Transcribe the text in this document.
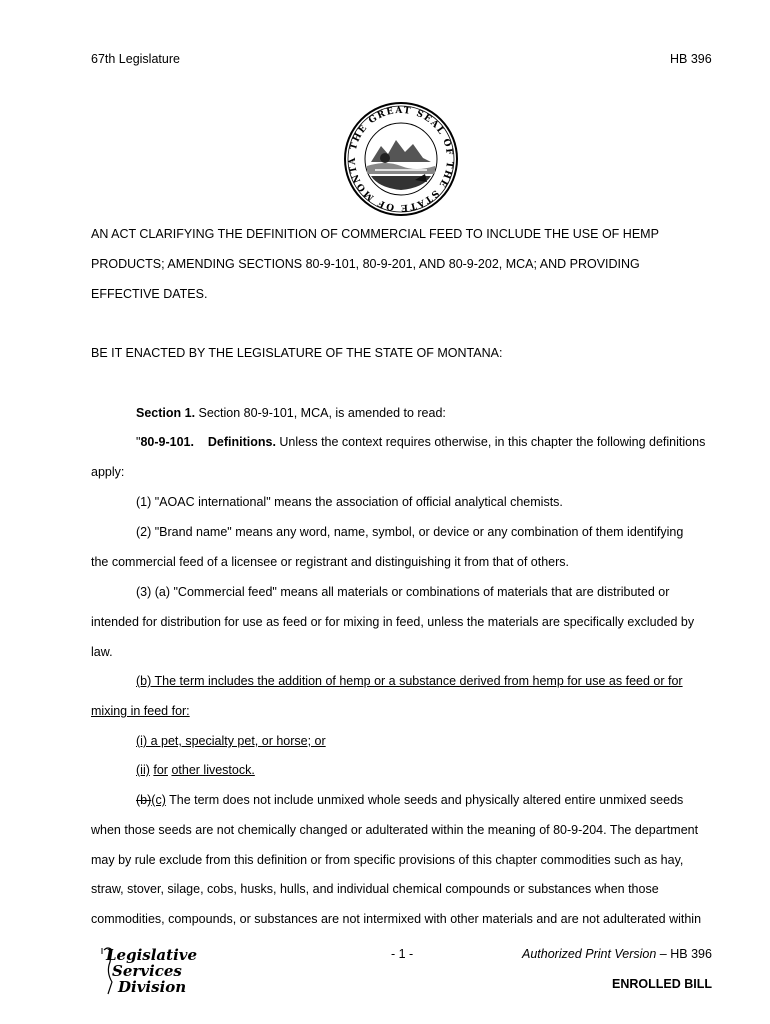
67th Legislature	HB 396
THE GREAT SEAL OF THE STATE OF MONTA
AN ACT CLARIFYING THE DEFINITION OF COMMERCIAL FEED TO INCLUDE THE USE OF HEMP
PRODUCTS; AMENDING SECTIONS 80-9-101, 80-9-201, AND 80-9-202, MCA; AND PROVIDING
EFFECTIVE DATES.
BE IT ENACTED BY THE LEGISLATURE OF THE STATE OF MONTANA:
Section 1. Section 80-9-101, MCA, is amended to read:
"80-9-101. Definitions. Unless the context requires otherwise, in this chapter the following definitions
apply:
(1) "AOAC international" means the association of official analytical chemists.
(2) "Brand name" means any word, name, symbol, or device or any combination of them identifying
the commercial feed of a licensee or registrant and distinguishing it from that of others.
(3) (a) "Commercial feed" means all materials or combinations of materials that are distributed or
intended for distribution for use as feed or for mixing in feed, unless the materials are specifically excluded by
law.
(b) The term includes the addition of hemp or a substance derived from hemp for use as feed or for
mixing in feed for:
(i) a pet, specialty pet, or horse; or
(ii) for other livestock.
(b)(c) The term does not include unmixed whole seeds and physically altered entire unmixed seeds
when those seeds are not chemically changed or adulterated within the meaning of 80-9-204. The department
may by rule exclude from this definition or from specific provisions of this chapter commodities such as hay,
straw, stover, silage, cobs, husks, hulls, and individual chemical compounds or substances when those
commodities, compounds, or substances are not intermixed with other materials and are not adulterated within
Legislative
Services
Division
- 1 -	Authorized Print Version – HB 396
ENROLLED BILL
